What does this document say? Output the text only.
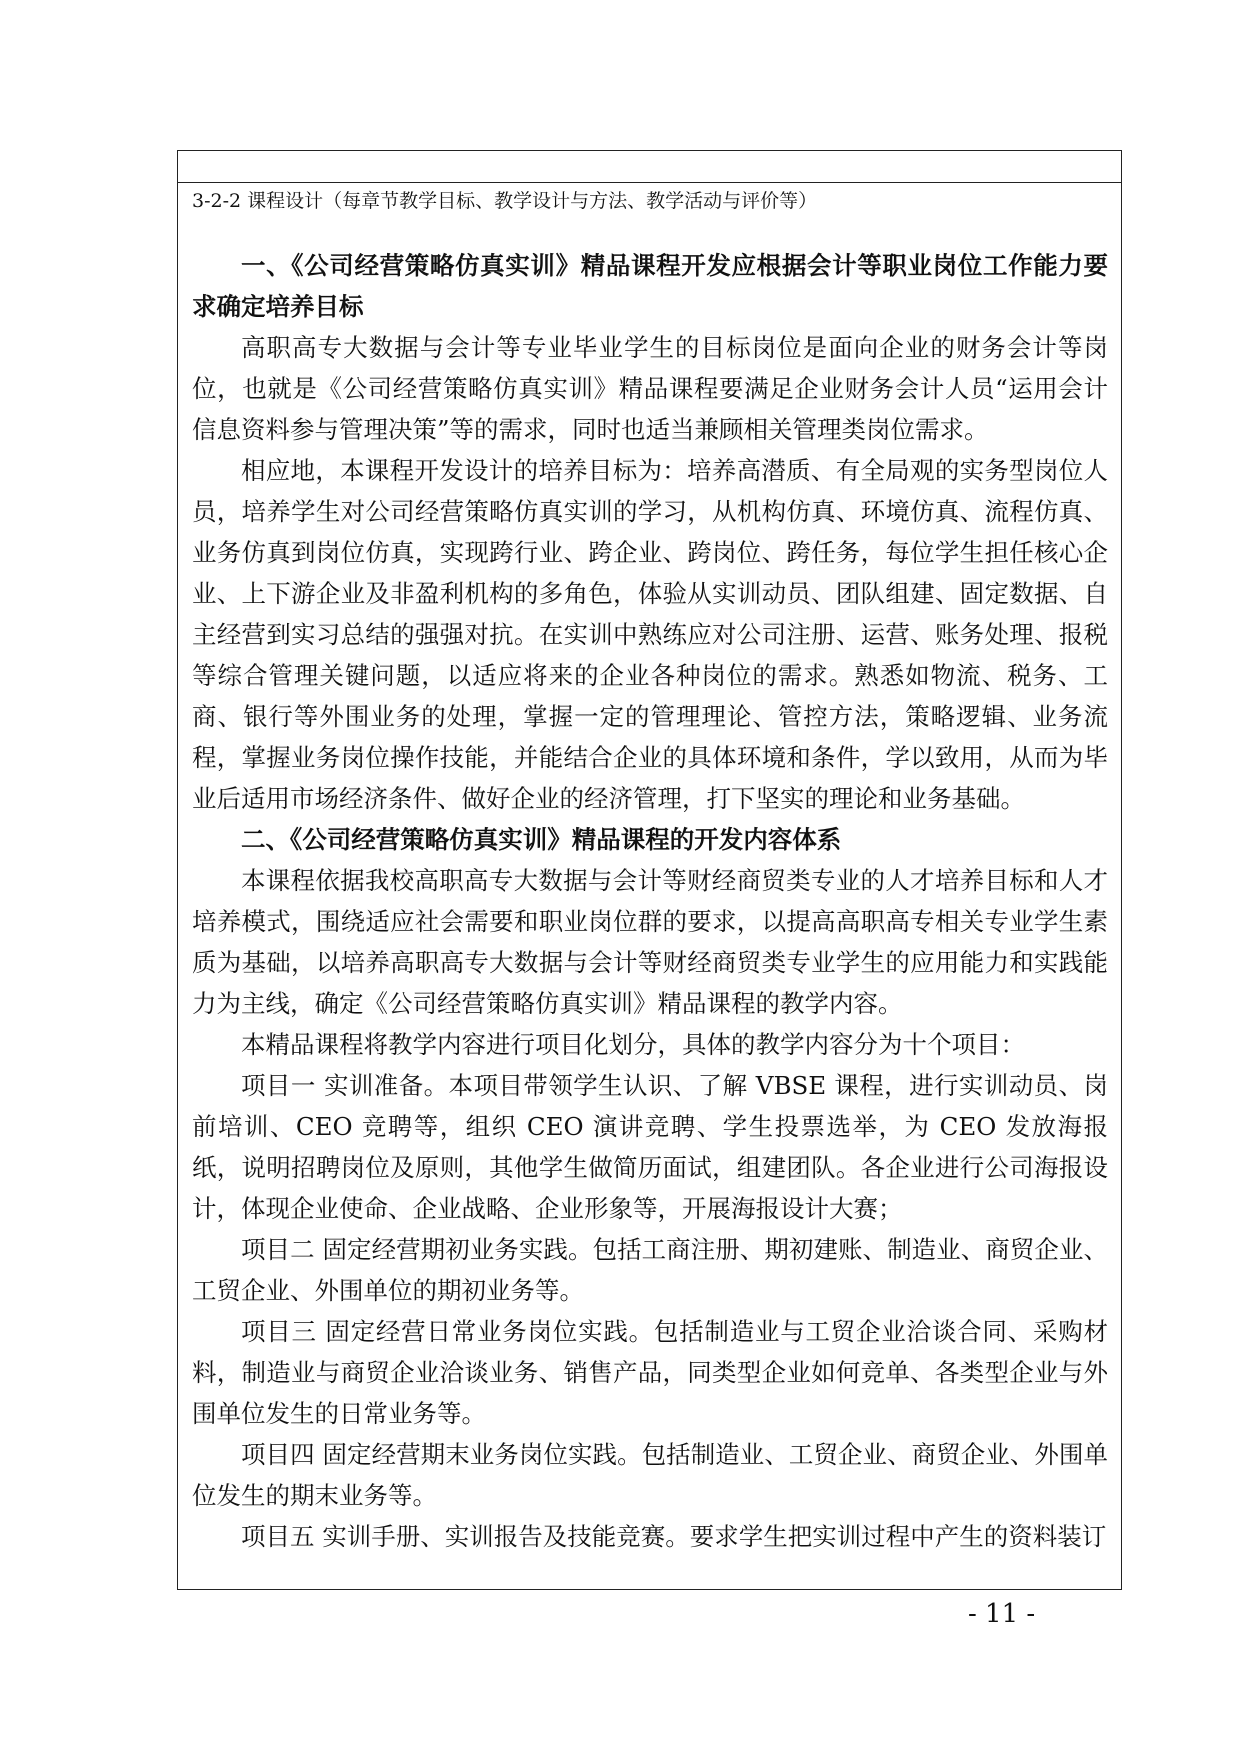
3-2-2 课程设计（每章节教学目标、教学设计与方法、教学活动与评价等）

一、《公司经营策略仿真实训》精品课程开发应根据会计等职业岗位工作能力要求确定培养目标

高职高专大数据与会计等专业毕业学生的目标岗位是面向企业的财务会计等岗位，也就是《公司经营策略仿真实训》精品课程要满足企业财务会计人员“运用会计信息资料参与管理决策”等的需求，同时也适当兼顾相关管理类岗位需求。

相应地，本课程开发设计的培养目标为：培养高潜质、有全局观的实务型岗位人员，培养学生对公司经营策略仿真实训的学习，从机构仿真、环境仿真、流程仿真、业务仿真到岗位仿真，实现跨行业、跨企业、跨岗位、跨任务，每位学生担任核心企业、上下游企业及非盈利机构的多角色，体验从实训动员、团队组建、固定数据、自主经营到实习总结的强强对抗。在实训中熟练应对公司注册、运营、账务处理、报税等综合管理关键问题，以适应将来的企业各种岗位的需求。熟悉如物流、税务、工商、银行等外围业务的处理，掌握一定的管理理论、管控方法，策略逻辑、业务流程，掌握业务岗位操作技能，并能结合企业的具体环境和条件，学以致用，从而为毕业后适用市场经济条件、做好企业的经济管理，打下坚实的理论和业务基础。

二、《公司经营策略仿真实训》精品课程的开发内容体系

本课程依据我校高职高专大数据与会计等财经商贸类专业的人才培养目标和人才培养模式，围绕适应社会需要和职业岗位群的要求，以提高高职高专相关专业学生素质为基础，以培养高职高专大数据与会计等财经商贸类专业学生的应用能力和实践能力为主线，确定《公司经营策略仿真实训》精品课程的教学内容。

本精品课程将教学内容进行项目化划分，具体的教学内容分为十个项目：

项目一 实训准备。本项目带领学生认识、了解 VBSE 课程，进行实训动员、岗前培训、CEO 竞聘等，组织 CEO 演讲竞聘、学生投票选举，为 CEO 发放海报纸，说明招聘岗位及原则，其他学生做简历面试，组建团队。各企业进行公司海报设计，体现企业使命、企业战略、企业形象等，开展海报设计大赛；

项目二 固定经营期初业务实践。包括工商注册、期初建账、制造业、商贸企业、工贸企业、外围单位的期初业务等。

项目三 固定经营日常业务岗位实践。包括制造业与工贸企业洽谈合同、采购材料，制造业与商贸企业洽谈业务、销售产品，同类型企业如何竞单、各类型企业与外围单位发生的日常业务等。

项目四 固定经营期末业务岗位实践。包括制造业、工贸企业、商贸企业、外围单位发生的期末业务等。

项目五 实训手册、实训报告及技能竞赛。要求学生把实训过程中产生的资料装订

- 11 -
